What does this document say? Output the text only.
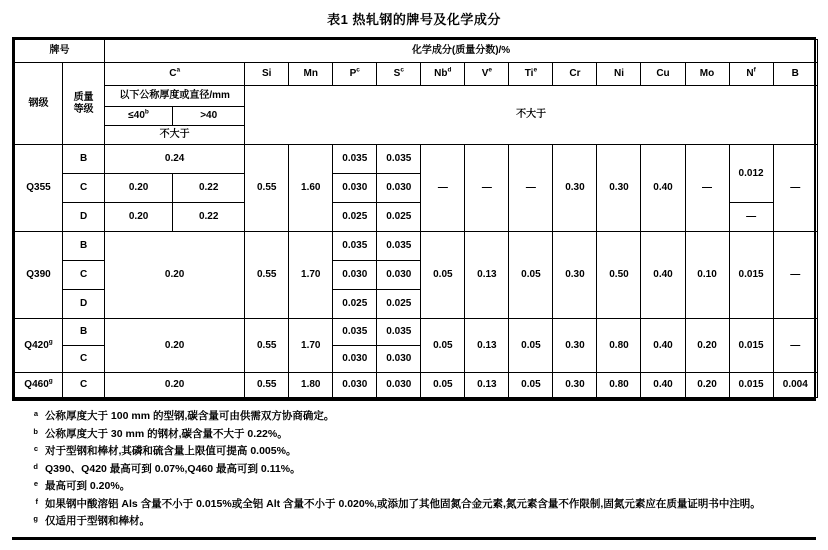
表1 热轧钢的牌号及化学成分
牌号		化学成分(质量分数)/%														
钢级	质量
等级	$C^a$		Si	Mn	$P^c$	$S^c$	Nb$^d$	Ve	Ti$^e$	Cr	Ni	Cu	Mo	$N^f$	B
		以下公称厚度或直径/mm		不大于												
		$\le 40^b$	>40													
		不大于														
Q355	B	0.24		0.55	1.60	0.035	0.035	—	—	—	0.30	0.30	0.40	—	0.012	—
	C	0.20	0.22			0.030	0.030									
	D	0.20	0.22			0.025	0.025								—	
Q390	B	0.20		0.55	1.70	0.035	0.035	0.05	0.13	0.05	0.30	0.50	0.40	0.10	0.015	—
	C					0.030	0.030									
	D					0.025	0.025									
Q420$^g$	B	0.20		0.55	1.70	0.035	0.035	0.05	0.13	0.05	0.30	0.80	0.40	0.20	0.015	—
	C					0.030	0.030									
Q460$^g$	C	0.20		0.55	1.80	0.030	0.030	0.05	0.13	0.05	0.30	0.80	0.40	0.20	0.015	0.004
a 公称厚度大于 100 mm 的型钢,碳含量可由供需双方协商确定。
b 公称厚度大于 30 mm 的钢材,碳含量不大于 0.22%。
c 对于型钢和棒材,其磷和硫含量上限值可提高 0.005%。
d Q390、Q420 最高可到 0.07%,Q460 最高可到 0.11%。
e 最高可到 0.20%。
f 如果钢中酸溶铝 Als 含量不小于 0.015%或全铝 Alt 含量不小于 0.020%,或添加了其他固氮合金元素,氮元素含量不作限制,固氮元素应在质量证明书中注明。
g 仅适用于型钢和棒材。
